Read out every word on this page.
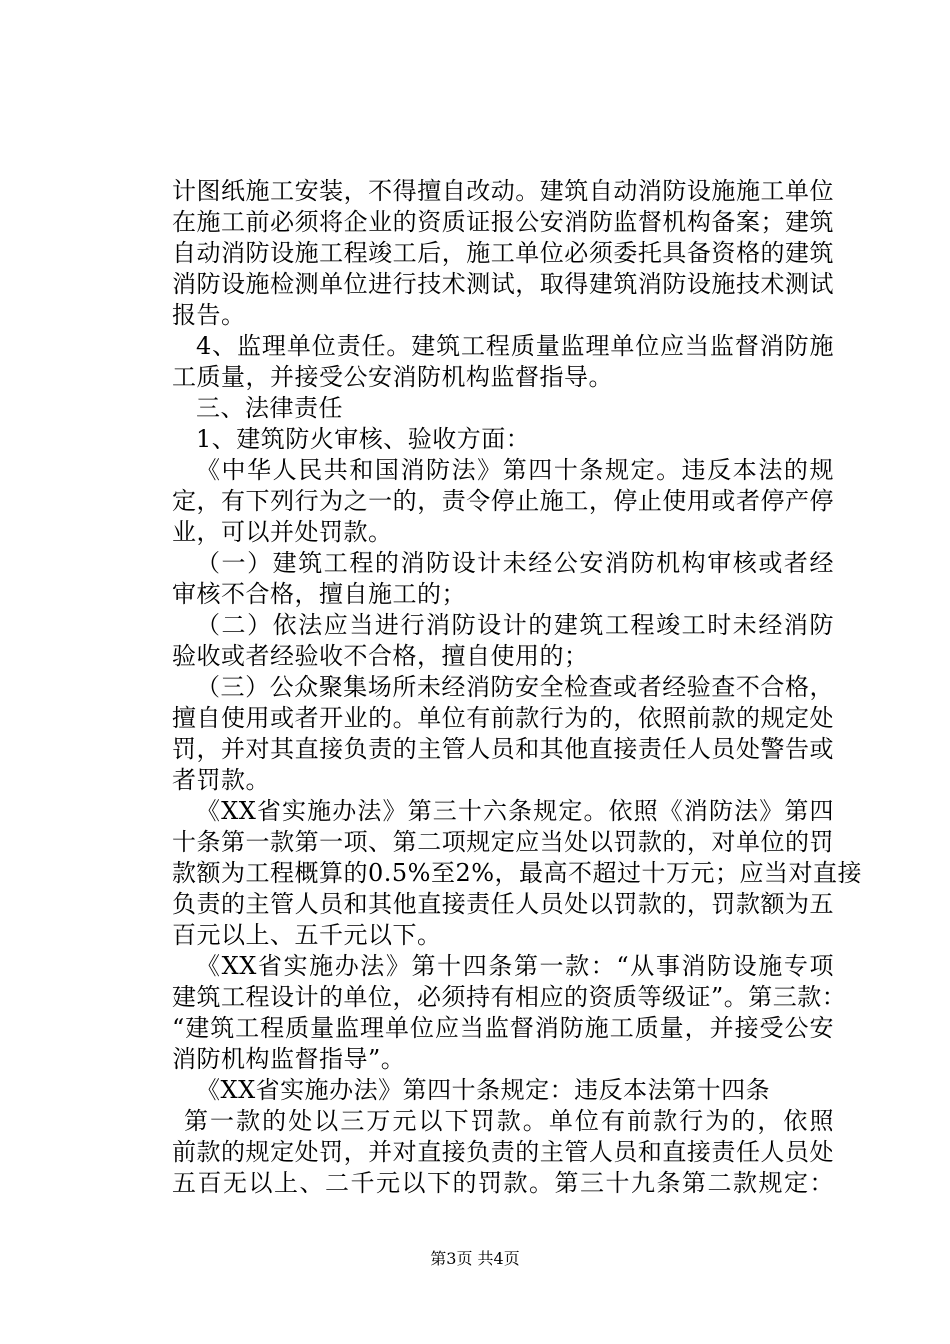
计图纸施工安装，不得擅自改动。建筑自动消防设施施工单位
在施工前必须将企业的资质证报公安消防监督机构备案；建筑
自动消防设施工程竣工后，施工单位必须委托具备资格的建筑
消防设施检测单位进行技术测试，取得建筑消防设施技术测试
报告。
4、监理单位责任。建筑工程质量监理单位应当监督消防施
工质量，并接受公安消防机构监督指导。
三、法律责任
1、建筑防火审核、验收方面：
《中华人民共和国消防法》第四十条规定。违反本法的规
定，有下列行为之一的，责令停止施工，停止使用或者停产停
业，可以并处罚款。
（一）建筑工程的消防设计未经公安消防机构审核或者经
审核不合格，擅自施工的；
（二）依法应当进行消防设计的建筑工程竣工时未经消防
验收或者经验收不合格，擅自使用的；
（三）公众聚集场所未经消防安全检查或者经验查不合格，
擅自使用或者开业的。单位有前款行为的，依照前款的规定处
罚，并对其直接负责的主管人员和其他直接责任人员处警告或
者罚款。
《XX省实施办法》第三十六条规定。依照《消防法》第四
十条第一款第一项、第二项规定应当处以罚款的，对单位的罚
款额为工程概算的0.5%至2%，最高不超过十万元；应当对直接
负责的主管人员和其他直接责任人员处以罚款的，罚款额为五
百元以上、五千元以下。
《XX省实施办法》第十四条第一款：“从事消防设施专项
建筑工程设计的单位，必须持有相应的资质等级证”。第三款：
“建筑工程质量监理单位应当监督消防施工质量，并接受公安
消防机构监督指导”。
《XX省实施办法》第四十条规定：违反本法第十四条
第一款的处以三万元以下罚款。单位有前款行为的，依照
前款的规定处罚，并对直接负责的主管人员和直接责任人员处
五百无以上、二千元以下的罚款。第三十九条第二款规定：
第3页 共4页
